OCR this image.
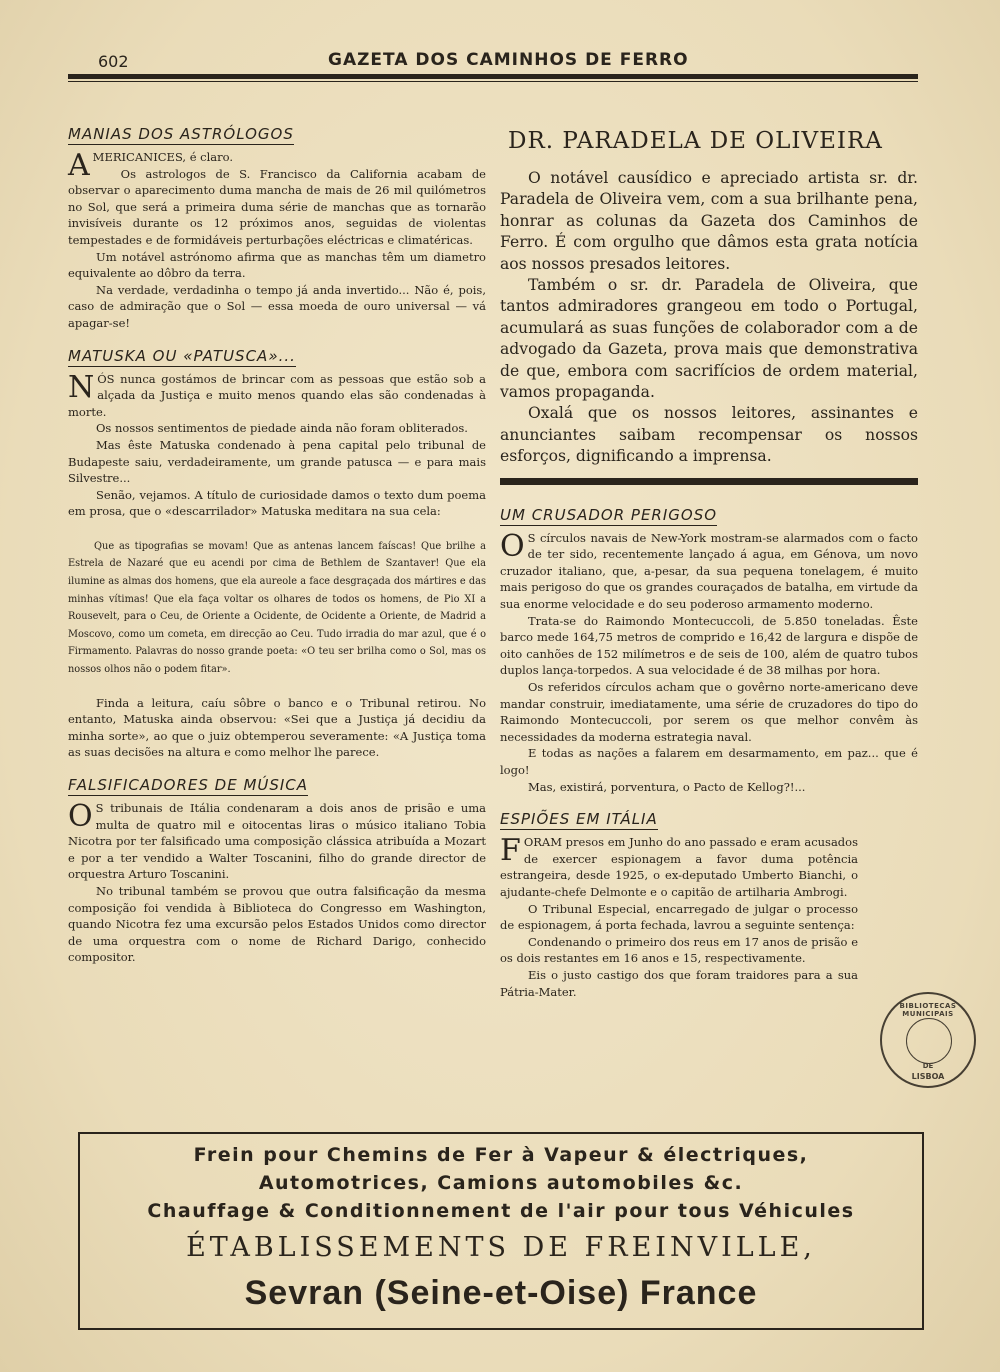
602	GAZETA DOS CAMINHOS DE FERRO
MANIAS DOS ASTRÓLOGOS

AMERICANICES, é claro.

Os astrologos de S. Francisco da California acabam de observar o aparecimento duma mancha de mais de 26 mil quilómetros no Sol, que será a primeira duma série de manchas que as tornarão invisíveis durante os 12 próximos anos, seguidas de violentas tempestades e de formidáveis perturbações eléctricas e climatéricas.

Um notável astrónomo afirma que as manchas têm um diametro equivalente ao dôbro da terra.

Na verdade, verdadinha o tempo já anda invertido... Não é, pois, caso de admiração que o Sol — essa moeda de ouro universal — vá apagar-se!

MATUSKA OU «PATUSCA»...

NÓS nunca gostámos de brincar com as pessoas que estão sob a alçada da Justiça e muito menos quando elas são condenadas à morte.

Os nossos sentimentos de piedade ainda não foram obliterados.

Mas êste Matuska condenado à pena capital pelo tribunal de Budapeste saiu, verdadeiramente, um grande patusca — e para mais Silvestre...

Senão, vejamos. A título de curiosidade damos o texto dum poema em prosa, que o «descarrilador» Matuska meditara na sua cela:

Que as tipografias se movam! Que as antenas lancem faíscas! Que brilhe a Estrela de Nazaré que eu acendi por cima de Bethlem de Szantaver! Que ela ilumine as almas dos homens, que ela aureole a face desgraçada dos mártires e das minhas vítimas! Que ela faça voltar os olhares de todos os homens, de Pio XI a Rousevelt, para o Ceu, de Oriente a Ocidente, de Ocidente a Oriente, de Madrid a Moscovo, como um cometa, em direcção ao Ceu. Tudo irradia do mar azul, que é o Firmamento. Palavras do nosso grande poeta: «O teu ser brilha como o Sol, mas os nossos olhos não o podem fitar».

Finda a leitura, caíu sôbre o banco e o Tribunal retirou. No entanto, Matuska ainda observou: «Sei que a Justiça já decidiu da minha sorte», ao que o juiz obtemperou severamente: «A Justiça toma as suas decisões na altura e como melhor lhe parece.

FALSIFICADORES DE MÚSICA

O S tribunais de Itália condenaram a dois anos de prisão e uma multa de quatro mil e oitocentas liras o músico italiano Tobia Nicotra por ter falsificado uma composição clássica atribuída a Mozart e por a ter vendido a Walter Toscanini, filho do grande director de orquestra Arturo Toscanini.

No tribunal também se provou que outra falsificação da mesma composição foi vendida à Biblioteca do Congresso em Washington, quando Nicotra fez uma excursão pelos Estados Unidos como director de uma orquestra com o nome de Richard Darigo, conhecido compositor.

DR. PARADELA DE OLIVEIRA

O notável causídico e apreciado artista sr. dr. Paradela de Oliveira vem, com a sua brilhante pena, honrar as colunas da Gazeta dos Caminhos de Ferro. É com orgulho que dâmos esta grata notícia aos nossos presados leitores.

Também o sr. dr. Paradela de Oliveira, que tantos admiradores grangeou em todo o Portugal, acumulará as suas funções de colaborador com a de advogado da Gazeta, prova mais que demonstrativa de que, embora com sacrifícios de ordem material, vamos propaganda.

Oxalá que os nossos leitores, assinantes e anunciantes saibam recompensar os nossos esforços, dignificando a imprensa.

UM CRUSADOR PERIGOSO

O S círculos navais de New-York mostram-se alarmados com o facto de ter sido, recentemente lançado á agua, em Génova, um novo cruzador italiano, que, a-pesar, da sua pequena tonelagem, é muito mais perigoso do que os grandes couraçados de batalha, em virtude da sua enorme velocidade e do seu poderoso armamento moderno.

Trata-se do Raimondo Montecuccoli, de 5.850 toneladas. Êste barco mede 164,75 metros de comprido e 16,42 de largura e dispõe de oito canhões de 152 milímetros e de seis de 100, além de quatro tubos duplos lança-torpedos. A sua velocidade é de 38 milhas por hora.

Os referidos círculos acham que o govêrno norte-americano deve mandar construir, imediatamente, uma série de cruzadores do tipo do Raimondo Montecuccoli, por serem os que melhor convêm às necessidades da moderna estrategia naval.

E todas as nações a falarem em desarmamento, em paz... que é logo!

Mas, existirá, porventura, o Pacto de Kellog?!...

ESPIÕES EM ITÁLIA

FORAM presos em Junho do ano passado e eram acusados de exercer espionagem a favor duma potência estrangeira, desde 1925, o ex-deputado Umberto Bianchi, o ajudante-chefe Delmonte e o capitão de artilharia Ambrogi.

O Tribunal Especial, encarregado de julgar o processo de espionagem, á porta fechada, lavrou a seguinte sentença:

Condenando o primeiro dos reus em 17 anos de prisão e os dois restantes em 16 anos e 15, respectivamente.

Eis o justo castigo dos que foram traidores para a sua Pátria-Mater.

BIBLIOTECAS MUNICIPAIS
DE
LISBOA
Frein pour Chemins de Fer à Vapeur & électriques,
Automotrices, Camions automobiles &c.
Chauffage & Conditionnement de l'air pour tous Véhicules
ÉTABLISSEMENTS DE FREINVILLE,
Sevran (Seine-et-Oise) France
